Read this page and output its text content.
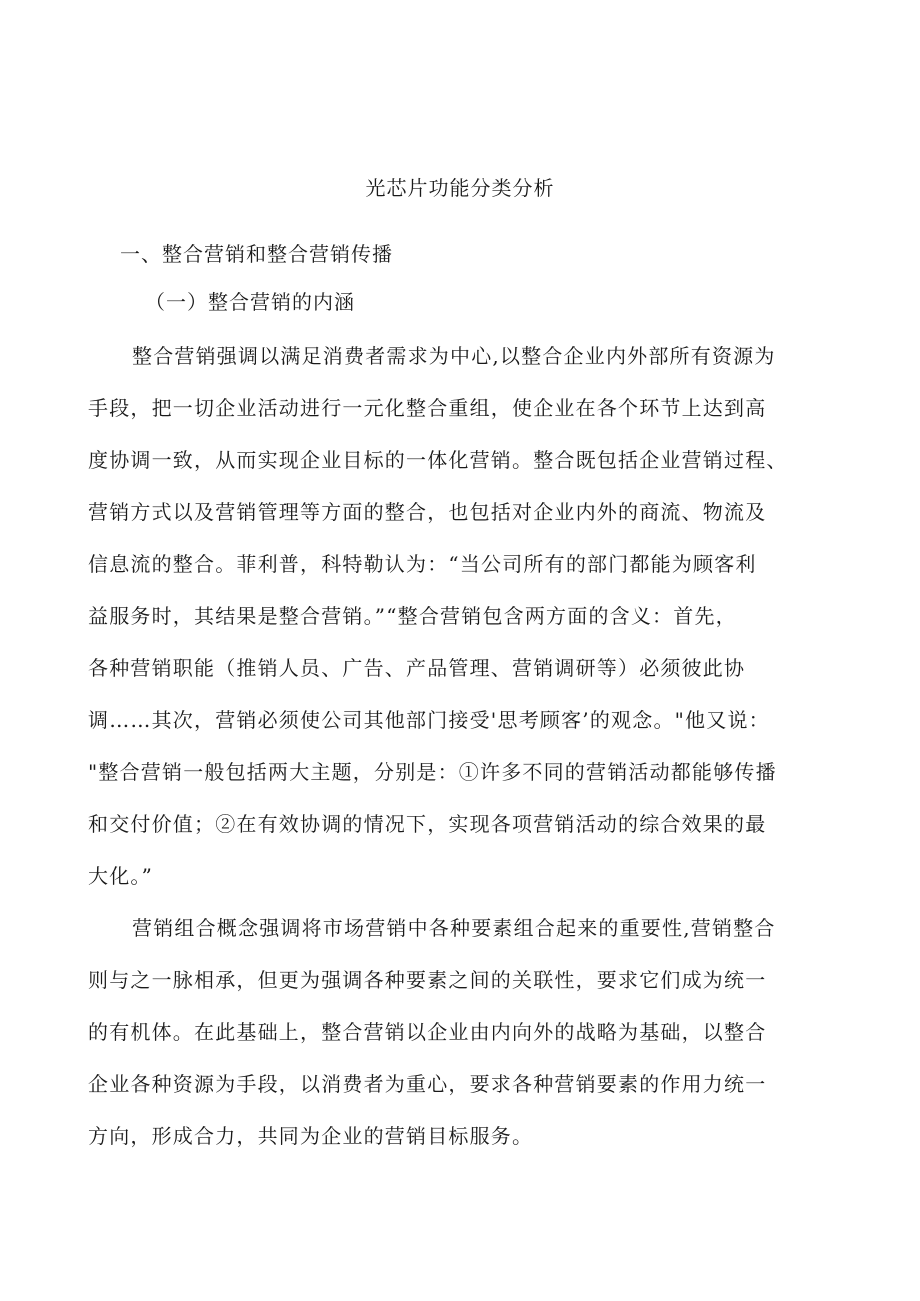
光芯片功能分类分析
一、整合营销和整合营销传播
（一）整合营销的内涵
整合营销强调以满足消费者需求为中心,以整合企业内外部所有资源为
手段，把一切企业活动进行一元化整合重组，使企业在各个环节上达到高
度协调一致，从而实现企业目标的一体化营销。整合既包括企业营销过程、
营销方式以及营销管理等方面的整合，也包括对企业内外的商流、物流及
信息流的整合。菲利普，科特勒认为：“当公司所有的部门都能为顾客利
益服务时，其结果是整合营销。”“整合营销包含两方面的含义：首先，
各种营销职能（推销人员、广告、产品管理、营销调研等）必须彼此协
调……其次，营销必须使公司其他部门接受'思考顾客’的观念。"他又说：
"整合营销一般包括两大主题，分别是：①许多不同的营销活动都能够传播
和交付价值；②在有效协调的情况下，实现各项营销活动的综合效果的最
大化。”
营销组合概念强调将市场营销中各种要素组合起来的重要性,营销整合
则与之一脉相承，但更为强调各种要素之间的关联性，要求它们成为统一
的有机体。在此基础上，整合营销以企业由内向外的战略为基础，以整合
企业各种资源为手段，以消费者为重心，要求各种营销要素的作用力统一
方向，形成合力，共同为企业的营销目标服务。
